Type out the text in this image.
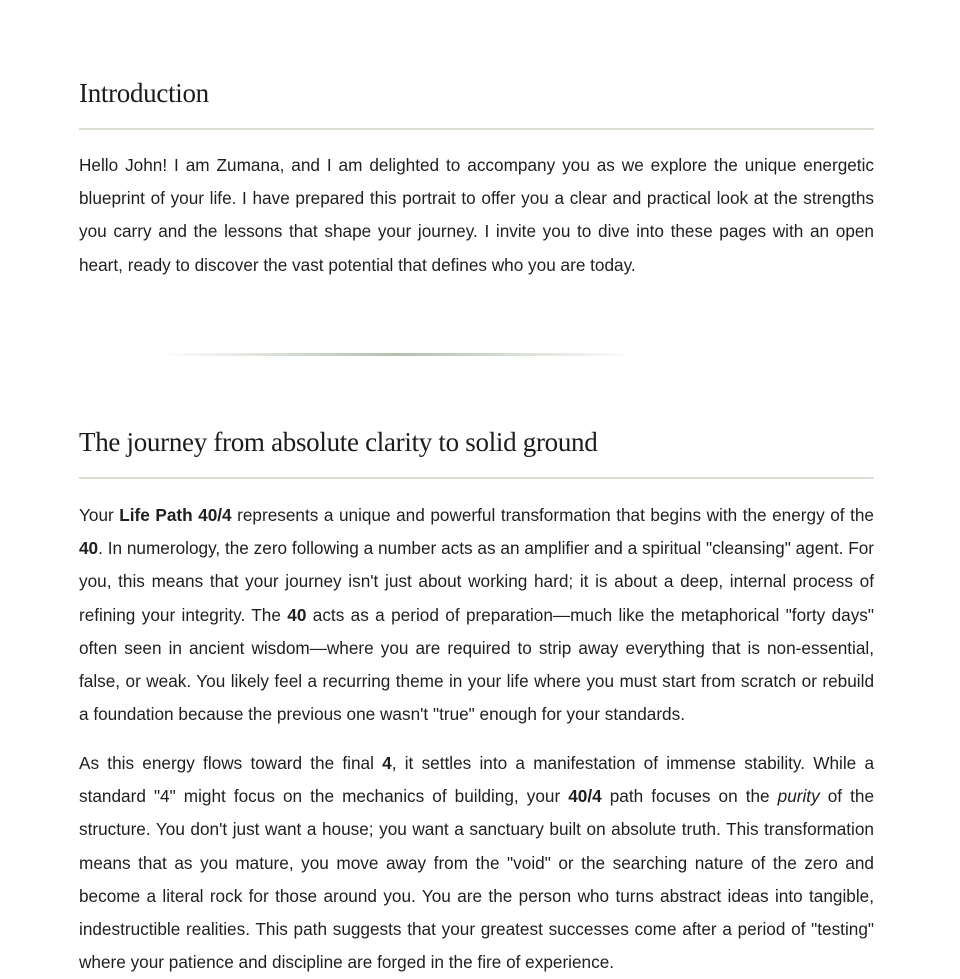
Introduction

Hello John! I am Zumana, and I am delighted to accompany you as we explore the unique energetic blueprint of your life. I have prepared this portrait to offer you a clear and practical look at the strengths you carry and the lessons that shape your journey. I invite you to dive into these pages with an open heart, ready to discover the vast potential that defines who you are today.

The journey from absolute clarity to solid ground

Your Life Path 40/4 represents a unique and powerful transformation that begins with the energy of the 40. In numerology, the zero following a number acts as an amplifier and a spiritual "cleansing" agent. For you, this means that your journey isn't just about working hard; it is about a deep, internal process of refining your integrity. The 40 acts as a period of preparation—much like the metaphorical "forty days" often seen in ancient wisdom—where you are required to strip away everything that is non-essential, false, or weak. You likely feel a recurring theme in your life where you must start from scratch or rebuild a foundation because the previous one wasn't "true" enough for your standards.

As this energy flows toward the final 4, it settles into a manifestation of immense stability. While a standard "4" might focus on the mechanics of building, your 40/4 path focuses on the purity of the structure. You don't just want a house; you want a sanctuary built on absolute truth. This transformation means that as you mature, you move away from the "void" or the searching nature of the zero and become a literal rock for those around you. You are the person who turns abstract ideas into tangible, indestructible realities. This path suggests that your greatest successes come after a period of "testing" where your patience and discipline are forged in the fire of experience.
